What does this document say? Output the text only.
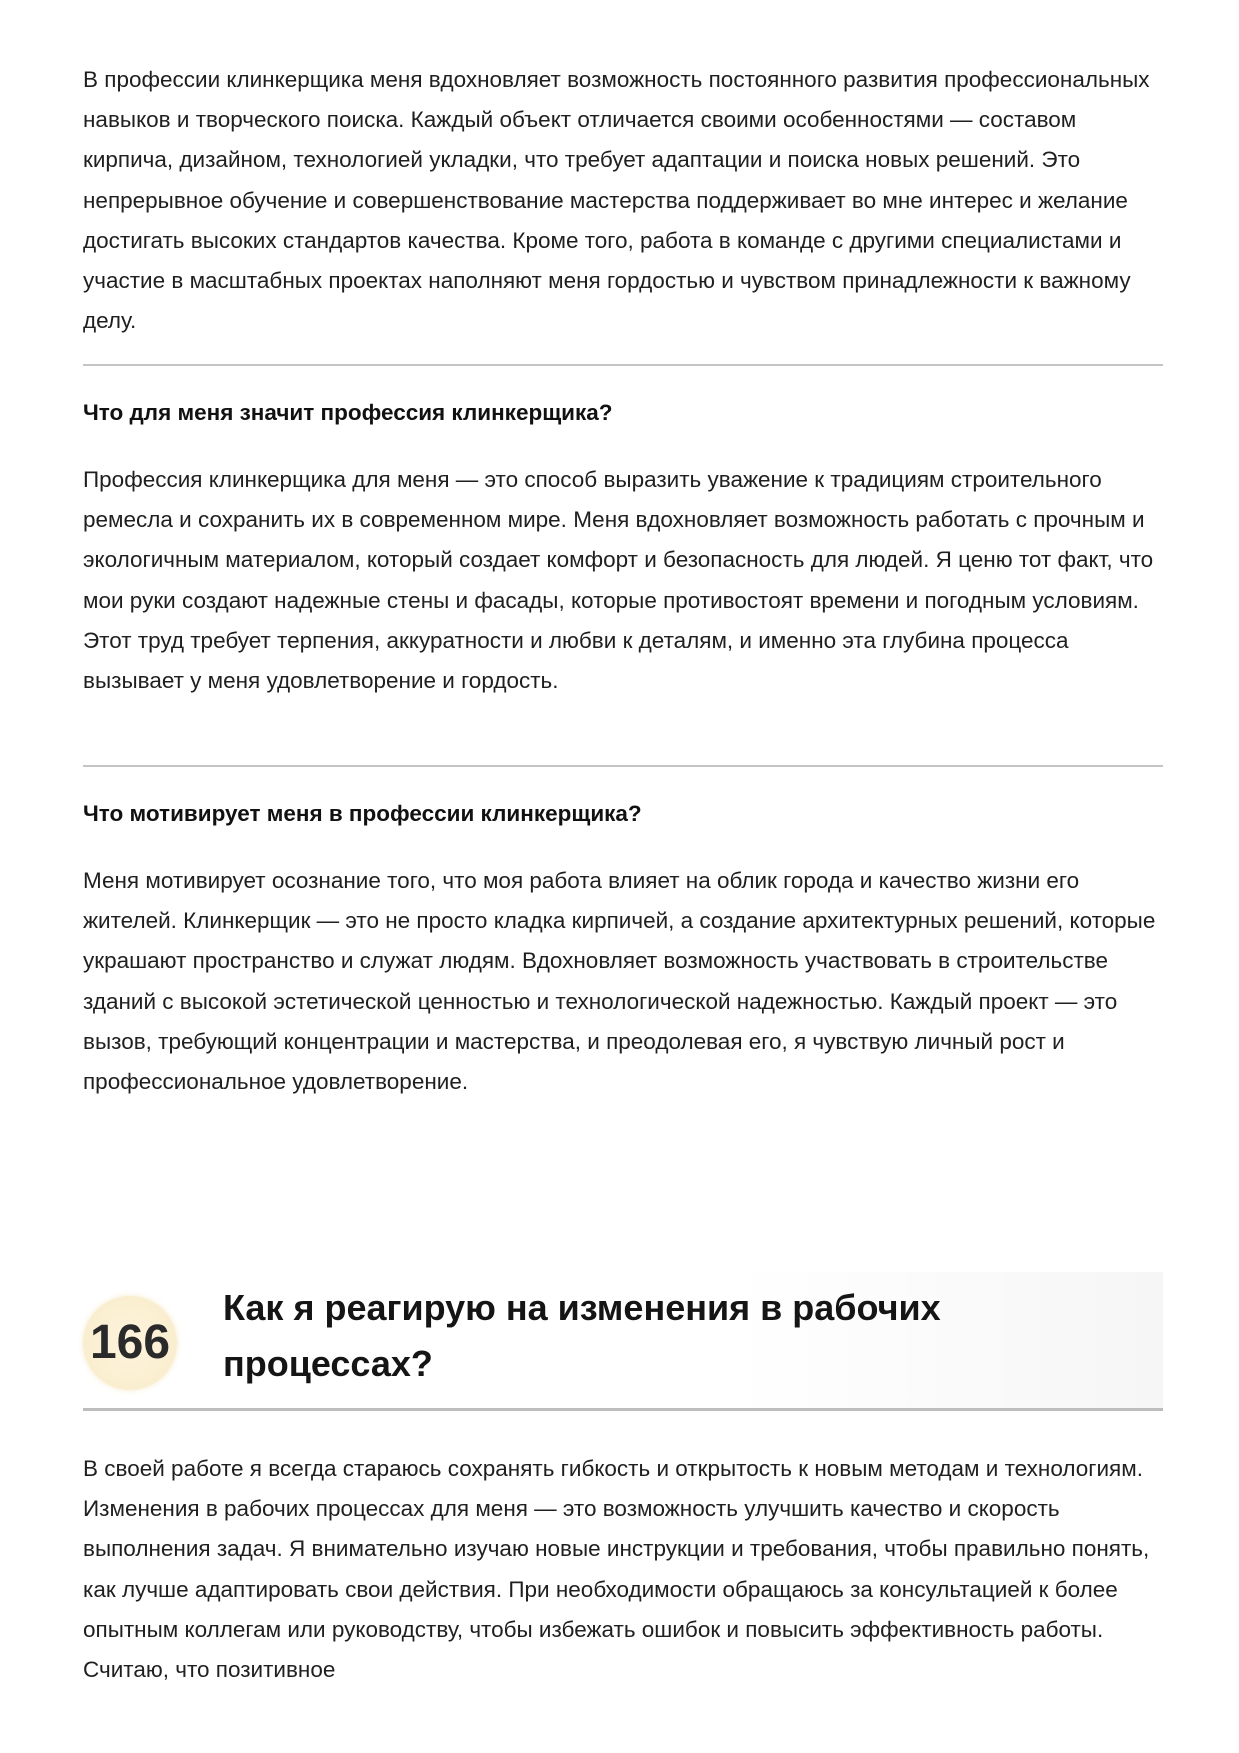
В профессии клинкерщика меня вдохновляет возможность постоянного развития профессиональных навыков и творческого поиска. Каждый объект отличается своими особенностями — составом кирпича, дизайном, технологией укладки, что требует адаптации и поиска новых решений. Это непрерывное обучение и совершенствование мастерства поддерживает во мне интерес и желание достигать высоких стандартов качества. Кроме того, работа в команде с другими специалистами и участие в масштабных проектах наполняют меня гордостью и чувством принадлежности к важному делу.

Что для меня значит профессия клинкерщика?

Профессия клинкерщика для меня — это способ выразить уважение к традициям строительного ремесла и сохранить их в современном мире. Меня вдохновляет возможность работать с прочным и экологичным материалом, который создает комфорт и безопасность для людей. Я ценю тот факт, что мои руки создают надежные стены и фасады, которые противостоят времени и погодным условиям. Этот труд требует терпения, аккуратности и любви к деталям, и именно эта глубина процесса вызывает у меня удовлетворение и гордость.

Что мотивирует меня в профессии клинкерщика?

Меня мотивирует осознание того, что моя работа влияет на облик города и качество жизни его жителей. Клинкерщик — это не просто кладка кирпичей, а создание архитектурных решений, которые украшают пространство и служат людям. Вдохновляет возможность участвовать в строительстве зданий с высокой эстетической ценностью и технологической надежностью. Каждый проект — это вызов, требующий концентрации и мастерства, и преодолевая его, я чувствую личный рост и профессиональное удовлетворение.

166
Как я реагирую на изменения в рабочих процессах?

В своей работе я всегда стараюсь сохранять гибкость и открытость к новым методам и технологиям. Изменения в рабочих процессах для меня — это возможность улучшить качество и скорость выполнения задач. Я внимательно изучаю новые инструкции и требования, чтобы правильно понять, как лучше адаптировать свои действия. При необходимости обращаюсь за консультацией к более опытным коллегам или руководству, чтобы избежать ошибок и повысить эффективность работы. Считаю, что позитивное
